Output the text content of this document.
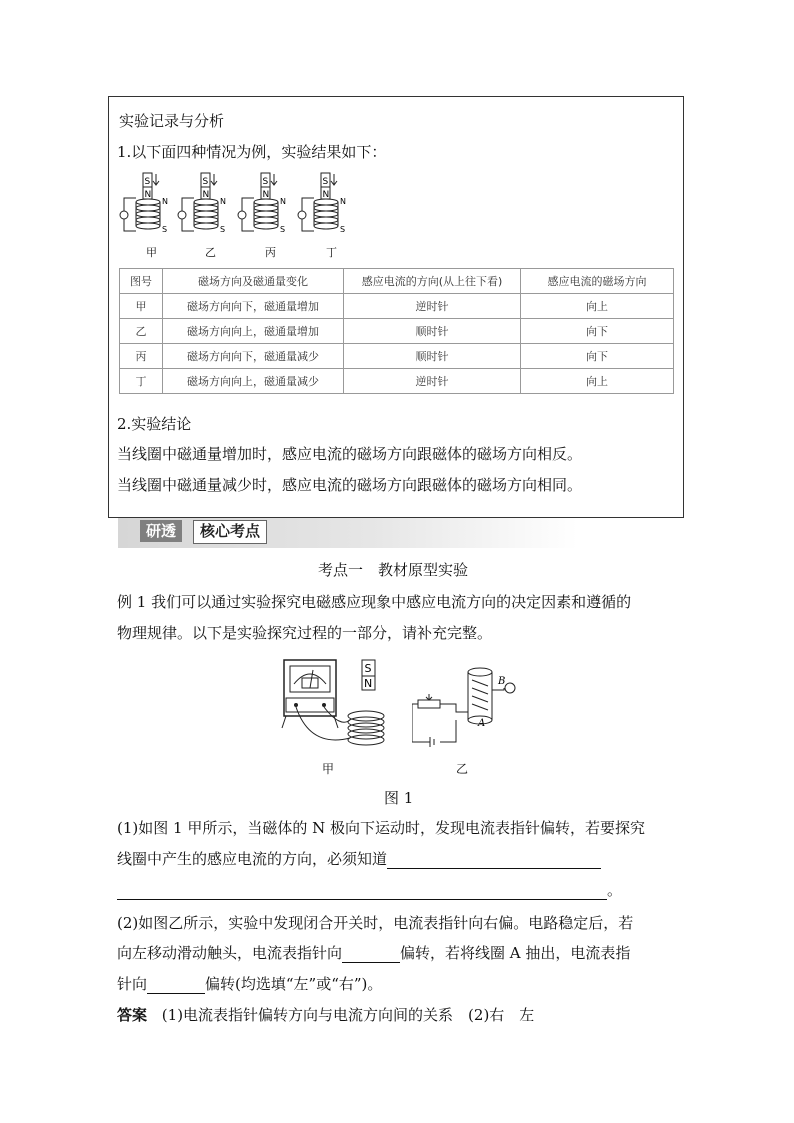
实验记录与分析
1.以下面四种情况为例，实验结果如下：
S
N
N
S
甲	乙	丙	丁
图号	磁场方向及磁通量变化	感应电流的方向(从上往下看)	感应电流的磁场方向
甲	磁场方向向下，磁通量增加	逆时针	向上
乙	磁场方向向上，磁通量增加	顺时针	向下
丙	磁场方向向下，磁通量减少	顺时针	向下
丁	磁场方向向上，磁通量减少	逆时针	向上
2.实验结论
当线圈中磁通量增加时，感应电流的磁场方向跟磁体的磁场方向相反。
当线圈中磁通量减少时，感应电流的磁场方向跟磁体的磁场方向相同。
研透	核心考点
考点一　教材原型实验
例 1 我们可以通过实验探究电磁感应现象中感应电流方向的决定因素和遵循的
物理规律。以下是实验探究过程的一部分，请补充完整。
S
N
甲
B
A
乙
图 1
(1)如图 1 甲所示，当磁体的 N 极向下运动时，发现电流表指针偏转，若要探究
线圈中产生的感应电流的方向，必须知道
。
(2)如图乙所示，实验中发现闭合开关时，电流表指针向右偏。电路稳定后，若
向左移动滑动触头，电流表指针向	偏转，若将线圈 A 抽出，电流表指
针向	偏转(均选填“左”或“右”)。
答案 (1)电流表指针偏转方向与电流方向间的关系　(2)右　左
